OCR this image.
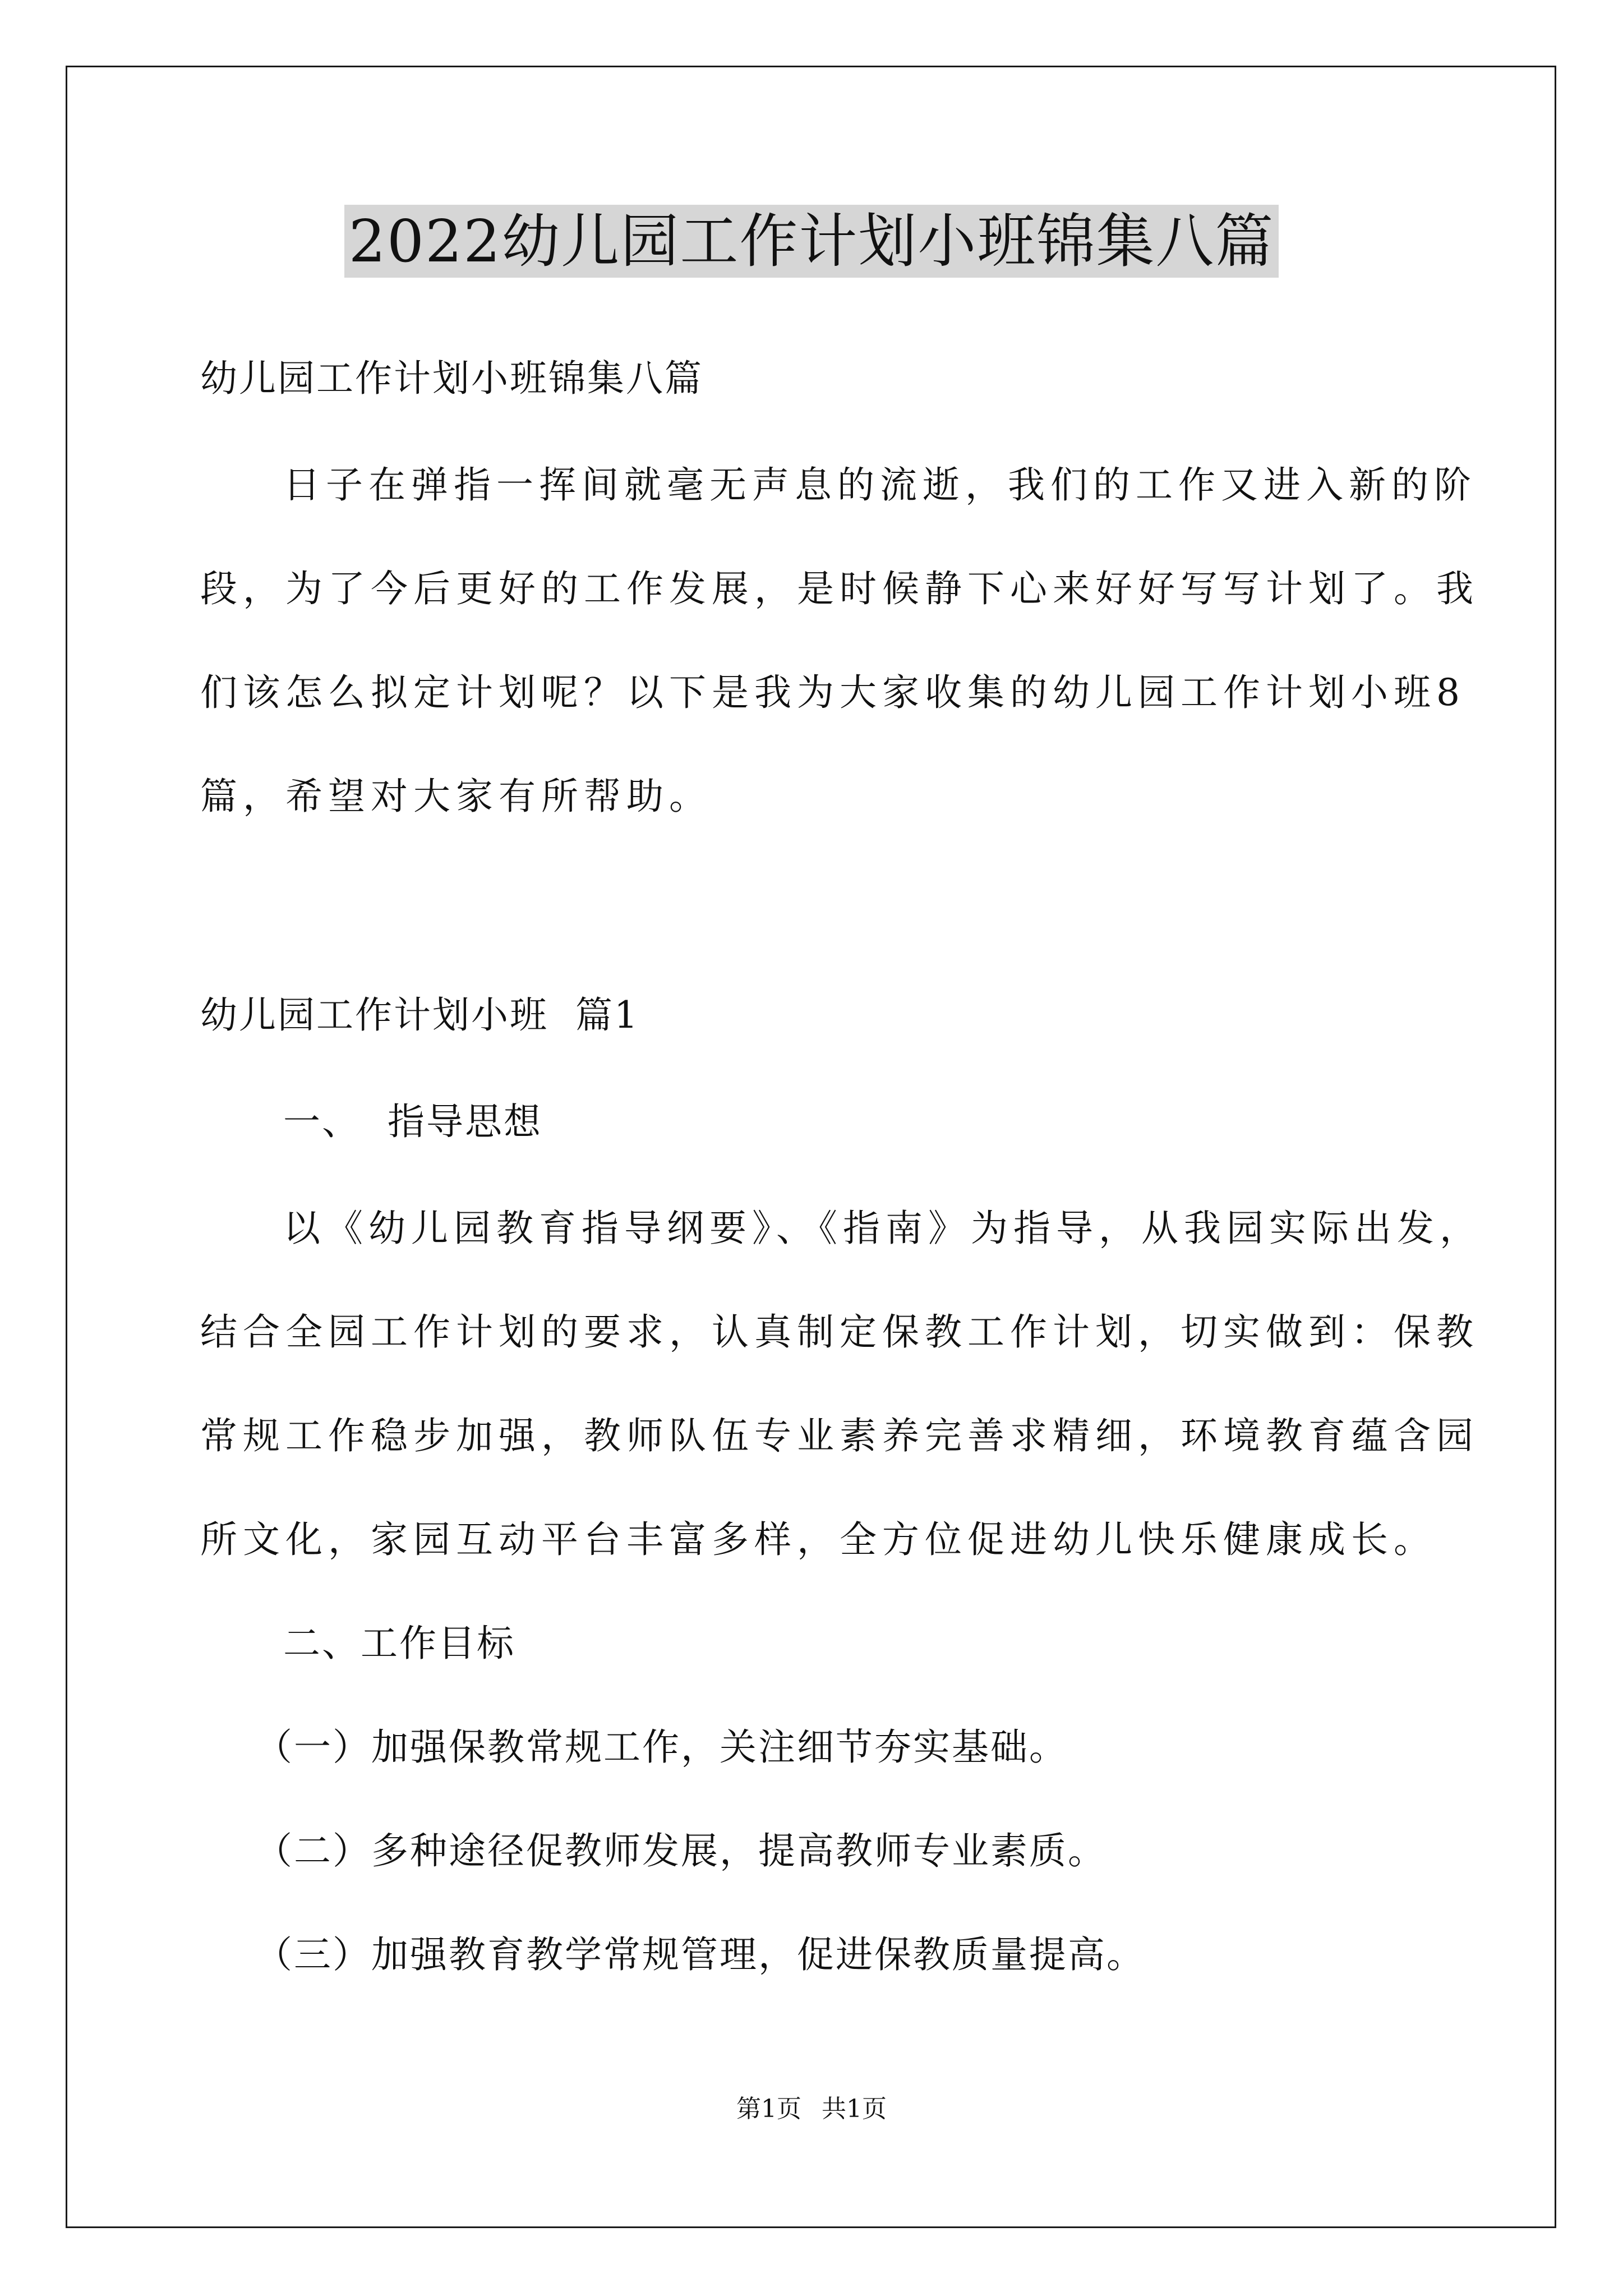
2022幼儿园工作计划小班锦集八篇

幼儿园工作计划小班锦集八篇

日子在弹指一挥间就毫无声息的流逝，我们的工作又进入新的阶

段，为了今后更好的工作发展，是时候静下心来好好写写计划了。我

们该怎么拟定计划呢？以下是我为大家收集的幼儿园工作计划小班8

篇，希望对大家有所帮助。

幼儿园工作计划小班  篇1

一、  指导思想

以《幼儿园教育指导纲要》、《指南》为指导，从我园实际出发，

结合全园工作计划的要求，认真制定保教工作计划，切实做到：保教

常规工作稳步加强，教师队伍专业素养完善求精细，环境教育蕴含园

所文化，家园互动平台丰富多样，全方位促进幼儿快乐健康成长。

二、工作目标

（一）加强保教常规工作，关注细节夯实基础。

（二）多种途径促教师发展，提高教师专业素质。

（三）加强教育教学常规管理，促进保教质量提高。

第1页 共1页
